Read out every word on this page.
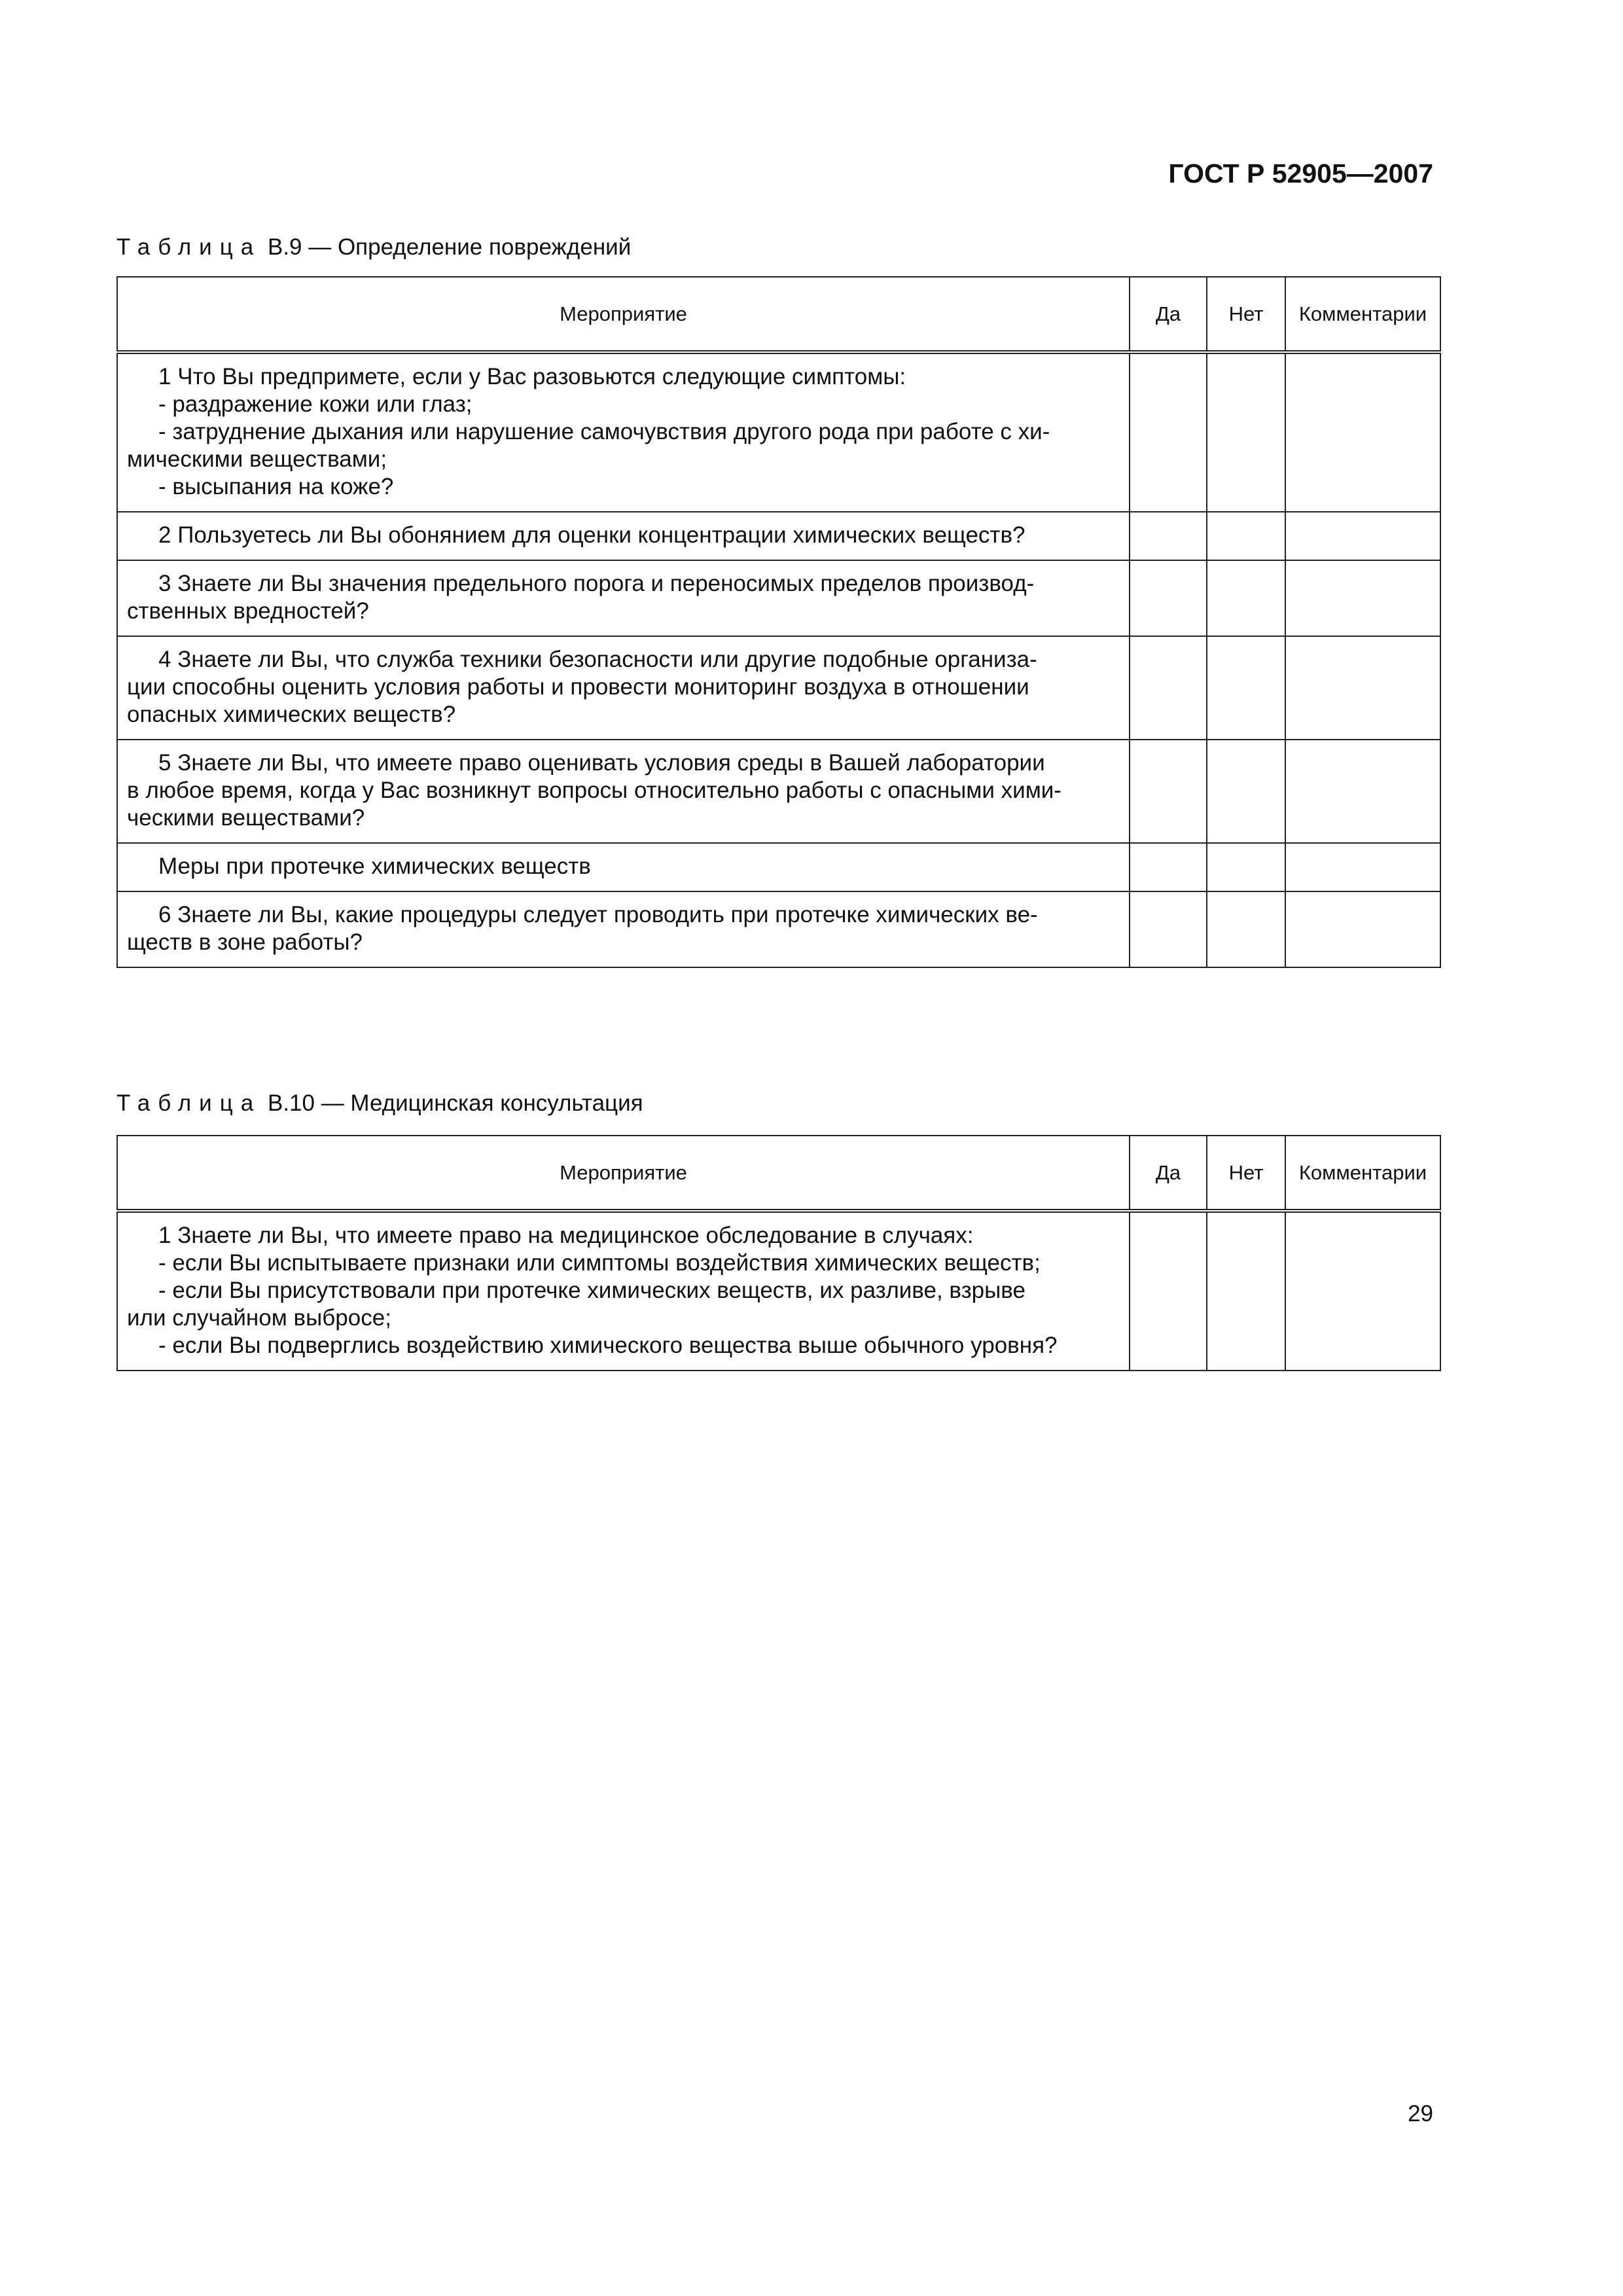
ГОСТ Р 52905—2007
Таблица В.9 — Определение повреждений
Мероприятие	Да	Нет	Комментарии

1 Что Вы предпримете, если у Вас разовьются следующие симптомы:
- раздражение кожи или глаз;
- затруднение дыхания или нарушение самочувствия другого рода при работе с хи-
мическими веществами;
- высыпания на коже?			

2 Пользуетесь ли Вы обонянием для оценки концентрации химических веществ?			

3 Знаете ли Вы значения предельного порога и переносимых пределов производ-
ственных вредностей?			

4 Знаете ли Вы, что служба техники безопасности или другие подобные организа-
ции способны оценить условия работы и провести мониторинг воздуха в отношении
опасных химических веществ?			

5 Знаете ли Вы, что имеете право оценивать условия среды в Вашей лаборатории
в любое время, когда у Вас возникнут вопросы относительно работы с опасными хими-
ческими веществами?			

Меры при протечке химических веществ			

6 Знаете ли Вы, какие процедуры следует проводить при протечке химических ве-
ществ в зоне работы?			

Таблица В.10 — Медицинская консультация
Мероприятие	Да	Нет	Комментарии

1 Знаете ли Вы, что имеете право на медицинское обследование в случаях:
- если Вы испытываете признаки или симптомы воздействия химических веществ;
- если Вы присутствовали при протечке химических веществ, их разливе, взрыве
или случайном выбросе;
- если Вы подверглись воздействию химического вещества выше обычного уровня?			

29
